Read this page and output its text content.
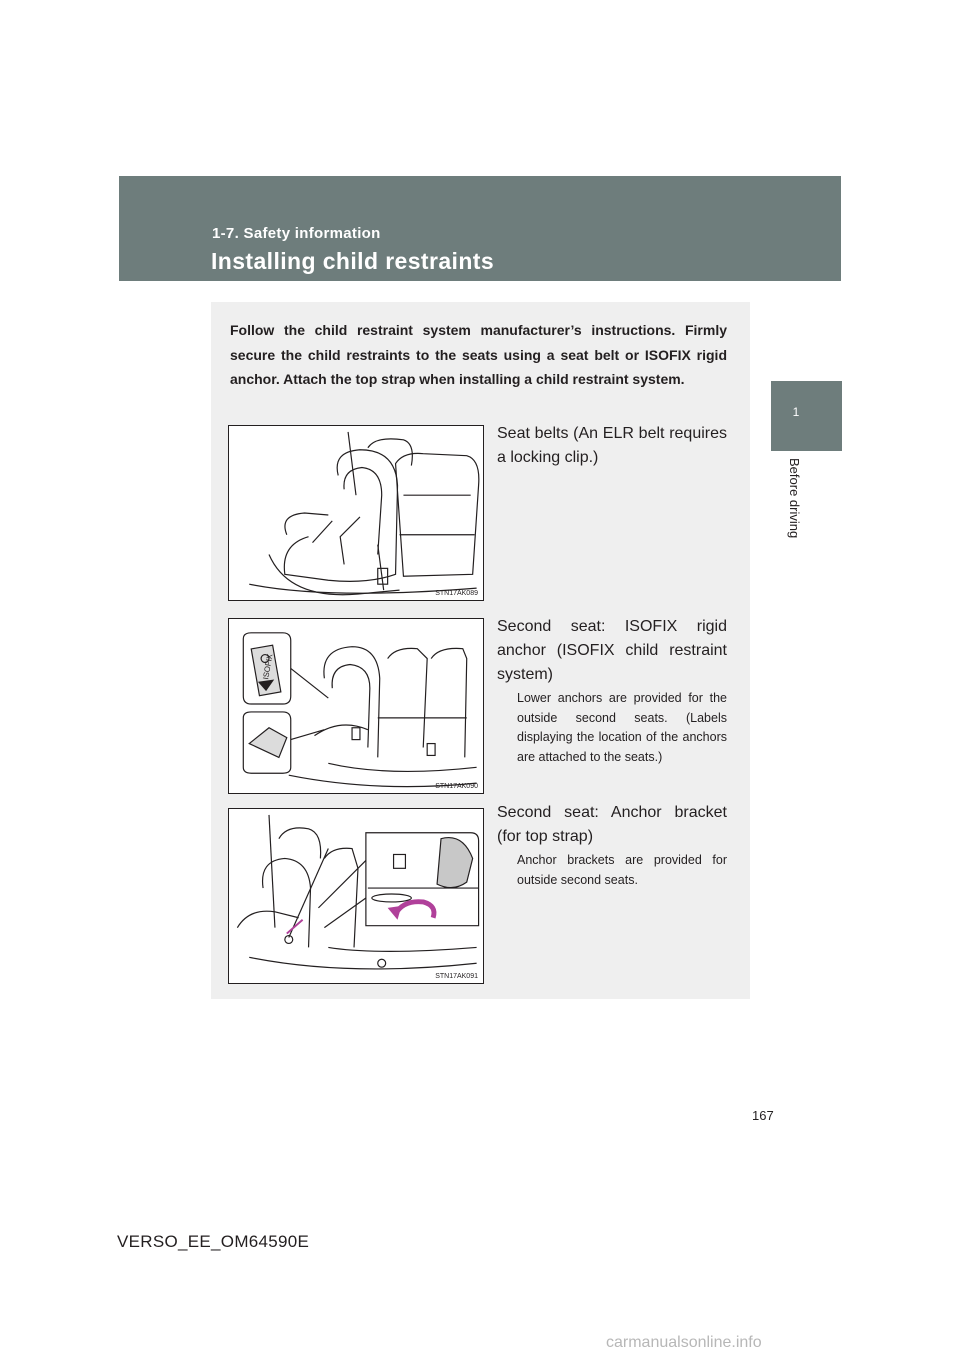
1-7. Safety information
Installing child restraints
1
Before driving

Follow the child restraint system manufacturer’s instructions. Firmly secure the child restraints to the seats using a seat belt or ISOFIX rigid anchor. Attach the top strap when installing a child restraint system.

STN17AK089

Seat belts (An ELR belt requires a locking clip.)

ISOFIX
STN17AK090

Second seat: ISOFIX rigid anchor (ISOFIX child restraint system)

Lower anchors are provided for the outside second seats. (Labels displaying the location of the anchors are attached to the seats.)

STN17AK091

Second seat: Anchor bracket (for top strap)

Anchor brackets are provided for outside second seats.

167
VERSO_EE_OM64590E
carmanualsonline.info
